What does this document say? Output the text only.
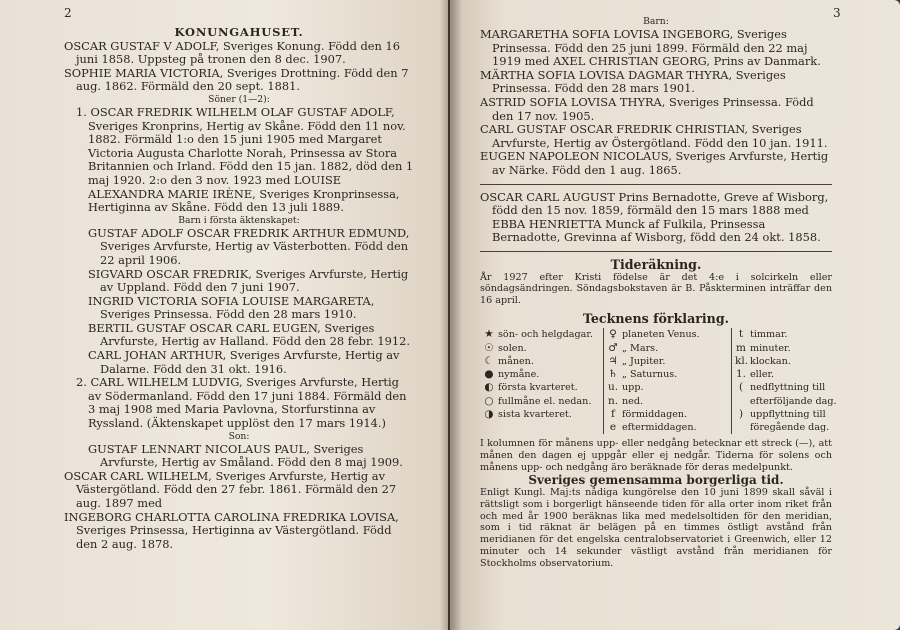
2

KONUNGAHUSET.

OSCAR GUSTAF V ADOLF, Sveriges Konung. Född den 16 juni 1858. Uppsteg på tronen den 8 dec. 1907.

SOPHIE MARIA VICTORIA, Sveriges Drottning. Född den 7 aug. 1862. Förmäld den 20 sept. 1881.

Söner (1—2):

1. OSCAR FREDRIK WILHELM OLAF GUSTAF ADOLF, Sveriges Kronprins, Hertig av Skåne. Född den 11 nov. 1882. Förmäld 1:o den 15 juni 1905 med Margaret Victoria Augusta Charlotte Norah, Prinsessa av Stora Britannien och Irland. Född den 15 jan. 1882, död den 1 maj 1920. 2:o den 3 nov. 1923 med LOUISE ALEXANDRA MARIE IRÈNE, Sveriges Kronprinsessa, Hertiginna av Skåne. Född den 13 juli 1889.

Barn i första äktenskapet:

GUSTAF ADOLF OSCAR FREDRIK ARTHUR EDMUND, Sveriges Arvfurste, Hertig av Västerbotten. Född den 22 april 1906.

SIGVARD OSCAR FREDRIK, Sveriges Arvfurste, Hertig av Uppland. Född den 7 juni 1907.

INGRID VICTORIA SOFIA LOUISE MARGARETA, Sveriges Prinsessa. Född den 28 mars 1910.

BERTIL GUSTAF OSCAR CARL EUGEN, Sveriges Arvfurste, Hertig av Halland. Född den 28 febr. 1912.

CARL JOHAN ARTHUR, Sveriges Arvfurste, Hertig av Dalarne. Född den 31 okt. 1916.

2. CARL WILHELM LUDVIG, Sveriges Arvfurste, Hertig av Södermanland. Född den 17 juni 1884. Förmäld den 3 maj 1908 med Maria Pavlovna, Storfurstinna av Ryssland. (Äktenskapet upplöst den 17 mars 1914.)

Son:

GUSTAF LENNART NICOLAUS PAUL, Sveriges Arvfurste, Hertig av Småland. Född den 8 maj 1909.

OSCAR CARL WILHELM, Sveriges Arvfurste, Hertig av Västergötland. Född den 27 febr. 1861. Förmäld den 27 aug. 1897 med

INGEBORG CHARLOTTA CAROLINA FREDRIKA LOVISA, Sveriges Prinsessa, Hertiginna av Västergötland. Född den 2 aug. 1878.

3

Barn:

MARGARETHA SOFIA LOVISA INGEBORG, Sveriges Prinsessa. Född den 25 juni 1899. Förmäld den 22 maj 1919 med AXEL CHRISTIAN GEORG, Prins av Danmark.

MÄRTHA SOFIA LOVISA DAGMAR THYRA, Sveriges Prinsessa. Född den 28 mars 1901.

ASTRID SOFIA LOVISA THYRA, Sveriges Prinsessa. Född den 17 nov. 1905.

CARL GUSTAF OSCAR FREDRIK CHRISTIAN, Sveriges Arvfurste, Hertig av Östergötland. Född den 10 jan. 1911.

EUGEN NAPOLEON NICOLAUS, Sveriges Arvfurste, Hertig av Närke. Född den 1 aug. 1865.

OSCAR CARL AUGUST Prins Bernadotte, Greve af Wisborg, född den 15 nov. 1859, förmäld den 15 mars 1888 med EBBA HENRIETTA Munck af Fulkila, Prinsessa Bernadotte, Grevinna af Wisborg, född den 24 okt. 1858.

Tideräkning.

År 1927 efter Kristi födelse är det 4:e i solcirkeln eller söndagsändringen. Söndagsbokstaven är B. Påskterminen inträffar den 16 april.

Tecknens förklaring.

★ sön- och helgdagar.
☉ solen.
☾ månen.
● nymåne.
◐ första kvarteret.
○ fullmåne el. nedan.
◑ sista kvarteret.
♀ planeten Venus.
♂ „ Mars.
♃ „ Jupiter.
♄ „ Saturnus.
u. upp.
n. ned.
f förmiddagen.
e eftermiddagen.
t timmar.
m minuter.
kl. klockan.
1. eller.
( nedflyttning till
efterföljande dag.
) uppflyttning till
föregående dag.

I kolumnen för månens upp- eller nedgång betecknar ett streck (—), att månen den dagen ej uppgår eller ej nedgår. Tiderna för solens och månens upp- och nedgång äro beräknade för deras medelpunkt.

Sveriges gemensamma borgerliga tid.

Enligt Kungl. Maj:ts nådiga kungörelse den 10 juni 1899 skall såväl i rättsligt som i borgerligt hänseende tiden för alla orter inom riket från och med år 1900 beräknas lika med medelsoltiden för den meridian, som i tid räknat är belägen på en timmes östligt avstånd från meridianen för det engelska centralobservatoriet i Greenwich, eller 12 minuter och 14 sekunder västligt avstånd från meridianen för Stockholms observatorium.
